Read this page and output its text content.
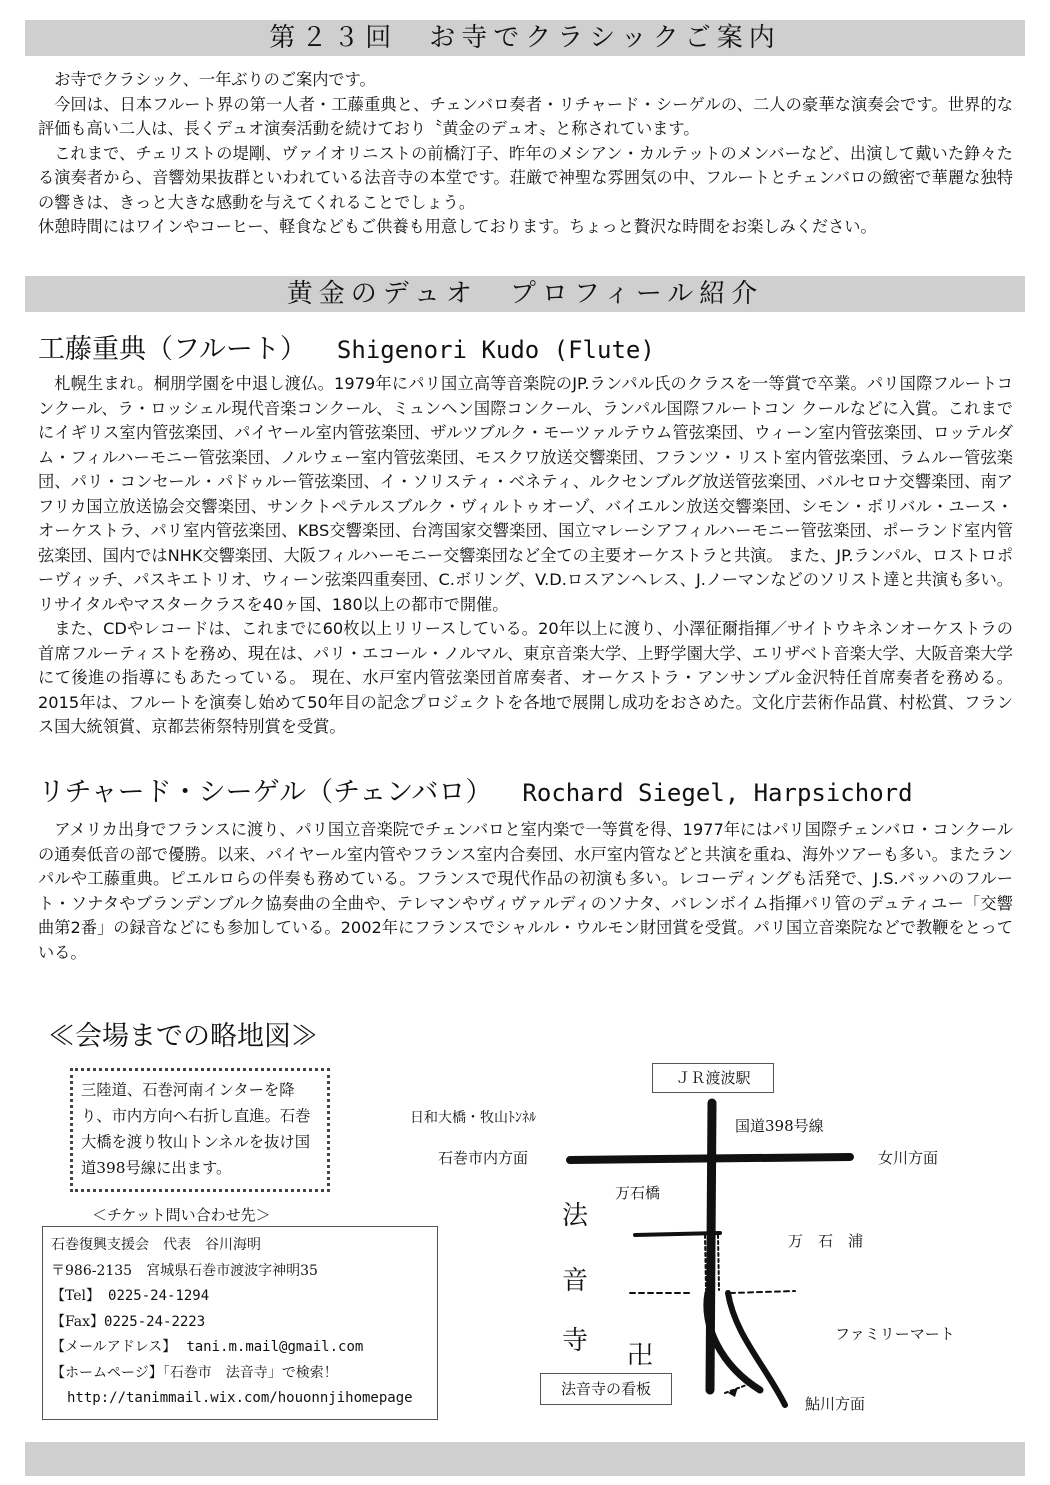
第２３回　お寺でクラシックご案内

お寺でクラシック、一年ぶりのご案内です。

今回は、日本フルート界の第一人者・工藤重典と、チェンバロ奏者・リチャード・シーゲルの、二人の豪華な演奏会です。世界的な評価も高い二人は、長くデュオ演奏活動を続けており〝黄金のデュオ〟と称されています。

これまで、チェリストの堤剛、ヴァイオリニストの前橋汀子、昨年のメシアン・カルテットのメンバーなど、出演して戴いた錚々たる演奏者から、音響効果抜群といわれている法音寺の本堂です。荘厳で神聖な雰囲気の中、フルートとチェンバロの緻密で華麗な独特の響きは、きっと大きな感動を与えてくれることでしょう。

休憩時間にはワインやコーヒー、軽食などもご供養も用意しております。ちょっと贅沢な時間をお楽しみください。

黄金のデュオ　プロフィール紹介
工藤重典（フルート） Shigenori Kudo (Flute)

札幌生まれ。桐朋学園を中退し渡仏。1979年にパリ国立高等音楽院のJP.ランパル氏のクラスを一等賞で卒業。パリ国際フルートコンクール、ラ・ロッシェル現代音楽コンクール、ミュンヘン国際コンクール、ランパル国際フルートコン クールなどに入賞。これまでにイギリス室内管弦楽団、パイヤール室内管弦楽団、ザルツブルク・モーツァルテウム管弦楽団、ウィーン室内管弦楽団、ロッテルダム・フィルハーモニー管弦楽団、ノルウェー室内管弦楽団、モスクワ放送交響楽団、フランツ・リスト室内管弦楽団、ラムルー管弦楽団、パリ・コンセール・パドゥルー管弦楽団、イ・ソリスティ・ベネティ、ルクセンブルグ放送管弦楽団、バルセロナ交響楽団、南アフリカ国立放送協会交響楽団、サンクトペテルスブルク・ヴィルトゥオーゾ、バイエルン放送交響楽団、シモン・ボリバル・ユース・オーケストラ、パリ室内管弦楽団、KBS交響楽団、台湾国家交響楽団、国立マレーシアフィルハーモニー管弦楽団、ポーランド室内管弦楽団、国内ではNHK交響楽団、大阪フィルハーモニー交響楽団など全ての主要オーケストラと共演。 また、JP.ランパル、ロストロポーヴィッチ、パスキエトリオ、ウィーン弦楽四重奏団、C.ボリング、V.D.ロスアンヘレス、J.ノーマンなどのソリスト達と共演も多い。リサイタルやマスタークラスを40ヶ国、180以上の都市で開催。

また、CDやレコードは、これまでに60枚以上リリースしている。20年以上に渡り、小澤征爾指揮／サイトウキネンオーケストラの首席フルーティストを務め、現在は、パリ・エコール・ノルマル、東京音楽大学、上野学園大学、エリザベト音楽大学、大阪音楽大学にて後進の指導にもあたっている。 現在、水戸室内管弦楽団首席奏者、オーケストラ・アンサンブル金沢特任首席奏者を務める。2015年は、フルートを演奏し始めて50年目の記念プロジェクトを各地で展開し成功をおさめた。文化庁芸術作品賞、村松賞、フランス国大統領賞、京都芸術祭特別賞を受賞。

リチャード・シーゲル（チェンバロ） Rochard Siegel, Harpsichord

アメリカ出身でフランスに渡り、パリ国立音楽院でチェンバロと室内楽で一等賞を得、1977年にはパリ国際チェンバロ・コンクールの通奏低音の部で優勝。以来、パイヤール室内管やフランス室内合奏団、水戸室内管などと共演を重ね、海外ツアーも多い。またランパルや工藤重典。ピエルロらの伴奏も務めている。フランスで現代作品の初演も多い。レコーディングも活発で、J.S.バッハのフルート・ソナタやブランデンブルク協奏曲の全曲や、テレマンやヴィヴァルディのソナタ、バレンボイム指揮パリ管のデュティユー「交響曲第2番」の録音などにも参加している。2002年にフランスでシャルル・ウルモン財団賞を受賞。パリ国立音楽院などで教鞭をとっている。

≪会場までの略地図≫
三陸道、石巻河南インターを降り、市内方向へ右折し直進。石巻大橋を渡り牧山トンネルを抜け国道398号線に出ます。
＜チケット問い合わせ先＞
石巻復興支援会　代表　谷川海明
〒986-2135　宮城県石巻市渡波字神明35
【Tel】 0225-24-1294
【Fax】0225-24-2223
【メールアドレス】 tani.m.mail@gmail.com
【ホームページ】「石巻市　法音寺」で検索！
http://tanimmail.wix.com/houonnjihomepage
ＪＲ渡波駅
国道398号線
日和大橋・牧山ﾄﾝﾈﾙ
石巻市内方面	女川方面
万石橋
万　石　浦
法
音
寺 卍
ファミリーマート
法音寺の看板
鮎川方面
